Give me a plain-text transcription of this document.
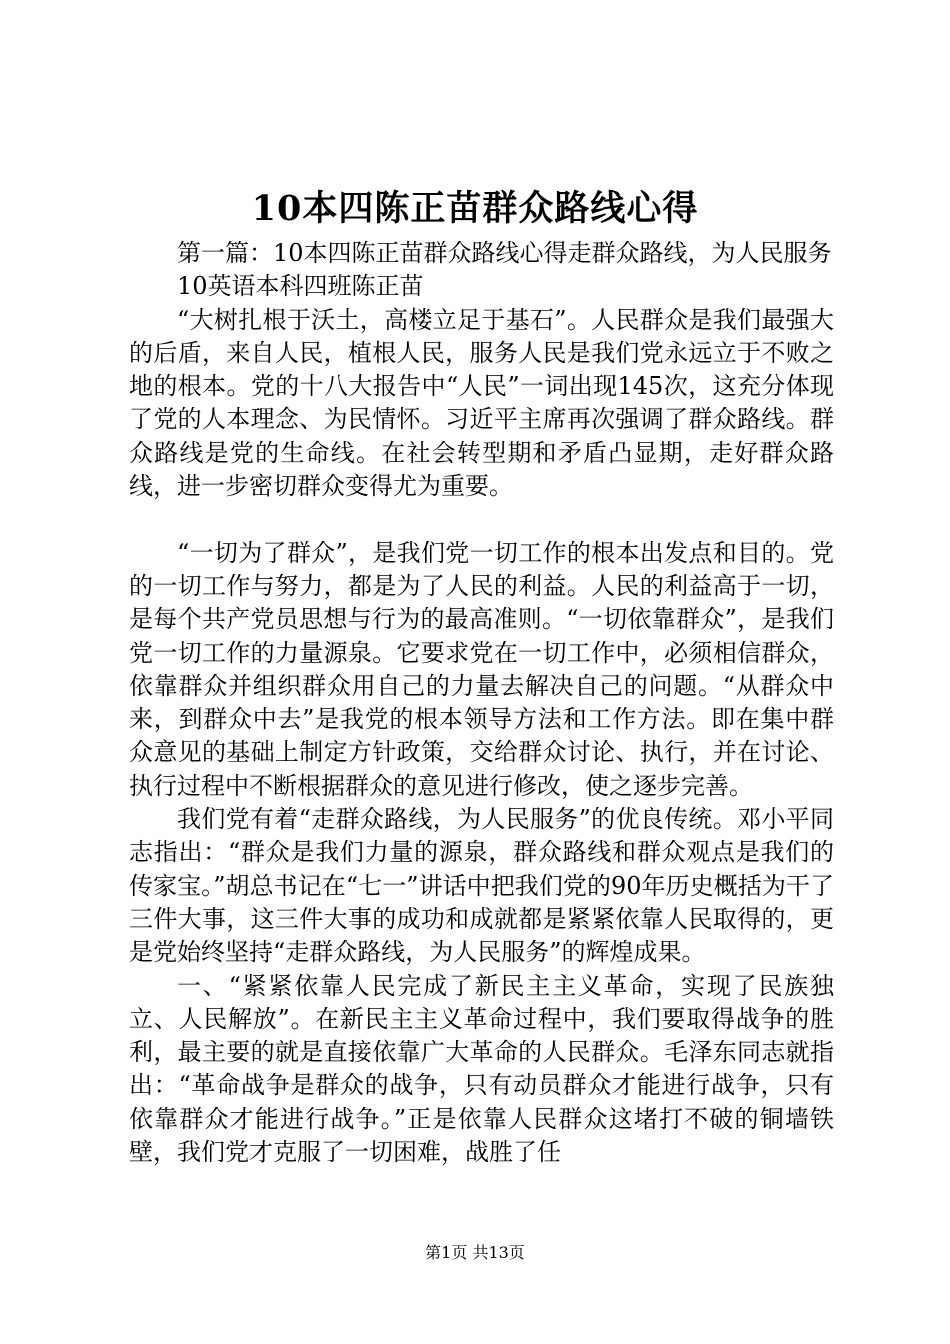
10本四陈正苗群众路线心得

第一篇：10本四陈正苗群众路线心得走群众路线，为人民服务

10英语本科四班陈正苗

“大树扎根于沃土，高楼立足于基石”。人民群众是我们最强大的后盾，来自人民，植根人民，服务人民是我们党永远立于不败之地的根本。党的十八大报告中“人民”一词出现145次，这充分体现了党的人本理念、为民情怀。习近平主席再次强调了群众路线。群众路线是党的生命线。在社会转型期和矛盾凸显期，走好群众路线，进一步密切群众变得尤为重要。

“一切为了群众”，是我们党一切工作的根本出发点和目的。党的一切工作与努力，都是为了人民的利益。人民的利益高于一切，是每个共产党员思想与行为的最高准则。“一切依靠群众”，是我们党一切工作的力量源泉。它要求党在一切工作中，必须相信群众，依靠群众并组织群众用自己的力量去解决自己的问题。“从群众中来，到群众中去”是我党的根本领导方法和工作方法。即在集中群众意见的基础上制定方针政策，交给群众讨论、执行，并在讨论、执行过程中不断根据群众的意见进行修改，使之逐步完善。

我们党有着“走群众路线，为人民服务”的优良传统。邓小平同志指出：“群众是我们力量的源泉，群众路线和群众观点是我们的传家宝。”胡总书记在“七一”讲话中把我们党的90年历史概括为干了三件大事，这三件大事的成功和成就都是紧紧依靠人民取得的，更是党始终坚持“走群众路线，为人民服务”的辉煌成果。

一、“紧紧依靠人民完成了新民主主义革命，实现了民族独立、人民解放”。在新民主主义革命过程中，我们要取得战争的胜利，最主要的就是直接依靠广大革命的人民群众。毛泽东同志就指出：“革命战争是群众的战争，只有动员群众才能进行战争，只有依靠群众才能进行战争。”正是依靠人民群众这堵打不破的铜墙铁壁，我们党才克服了一切困难，战胜了任

第1页 共13页
